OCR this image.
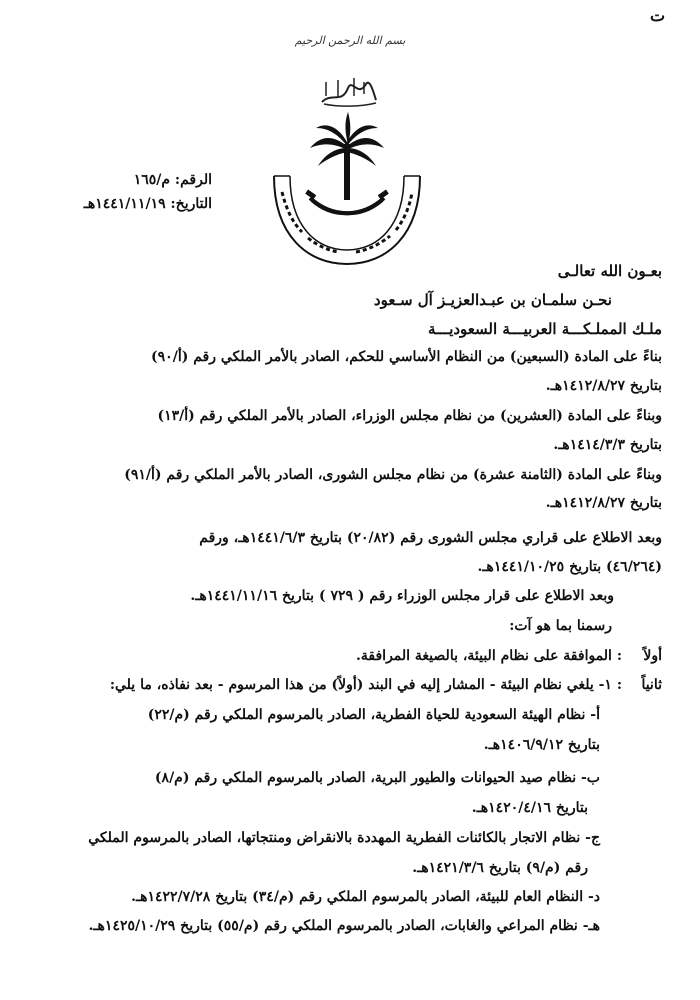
ت
بسم الله الرحمن الرحيم
الرقم: م/١٦٥
التاريخ: ١٤٤١/١١/١٩هـ
بعـون الله تعالـى
نحـن سلمـان بن عبـدالعزيـز آل سـعود
ملـك المملـكـــة العربيـــة السعوديـــة
بناءً على المادة (السبعين) من النظام الأساسي للحكم، الصادر بالأمر الملكي رقم (أ/٩٠)
بتاريخ ١٤١٢/٨/٢٧هـ.
وبناءً على المادة (العشرين) من نظام مجلس الوزراء، الصادر بالأمر الملكي رقم (أ/١٣)
بتاريخ ١٤١٤/٣/٣هـ.
وبناءً على المادة (الثامنة عشرة) من نظام مجلس الشورى، الصادر بالأمر الملكي رقم (أ/٩١)
بتاريخ ١٤١٢/٨/٢٧هـ.
وبعد الاطلاع على قراري مجلس الشورى رقم (٢٠/٨٢) بتاريخ ١٤٤١/٦/٣هـ، ورقم
(٤٦/٢٦٤) بتاريخ ١٤٤١/١٠/٢٥هـ.
وبعد الاطلاع على قرار مجلس الوزراء رقم ( ٧٢٩ ) بتاريخ ١٤٤١/١١/١٦هـ.
رسمنا بما هو آت:
أولاً
: الموافقة على نظام البيئة، بالصيغة المرافقة.
ثانياً
: ١- يلغي نظام البيئة - المشار إليه في البند (أولاً) من هذا المرسوم - بعد نفاذه، ما يلي:
أ- نظام الهيئة السعودية للحياة الفطرية، الصادر بالمرسوم الملكي رقم (م/٢٢)
بتاريخ ١٤٠٦/٩/١٢هـ.
ب- نظام صيد الحيوانات والطيور البرية، الصادر بالمرسوم الملكي رقم (م/٨)
بتاريخ ١٤٢٠/٤/١٦هـ.
ج- نظام الاتجار بالكائنات الفطرية المهددة بالانقراض ومنتجاتها، الصادر بالمرسوم الملكي
رقم (م/٩) بتاريخ ١٤٢١/٣/٦هـ.
د- النظام العام للبيئة، الصادر بالمرسوم الملكي رقم (م/٣٤) بتاريخ ١٤٢٢/٧/٢٨هـ.
هـ- نظام المراعي والغابات، الصادر بالمرسوم الملكي رقم (م/٥٥) بتاريخ ١٤٢٥/١٠/٢٩هـ.
